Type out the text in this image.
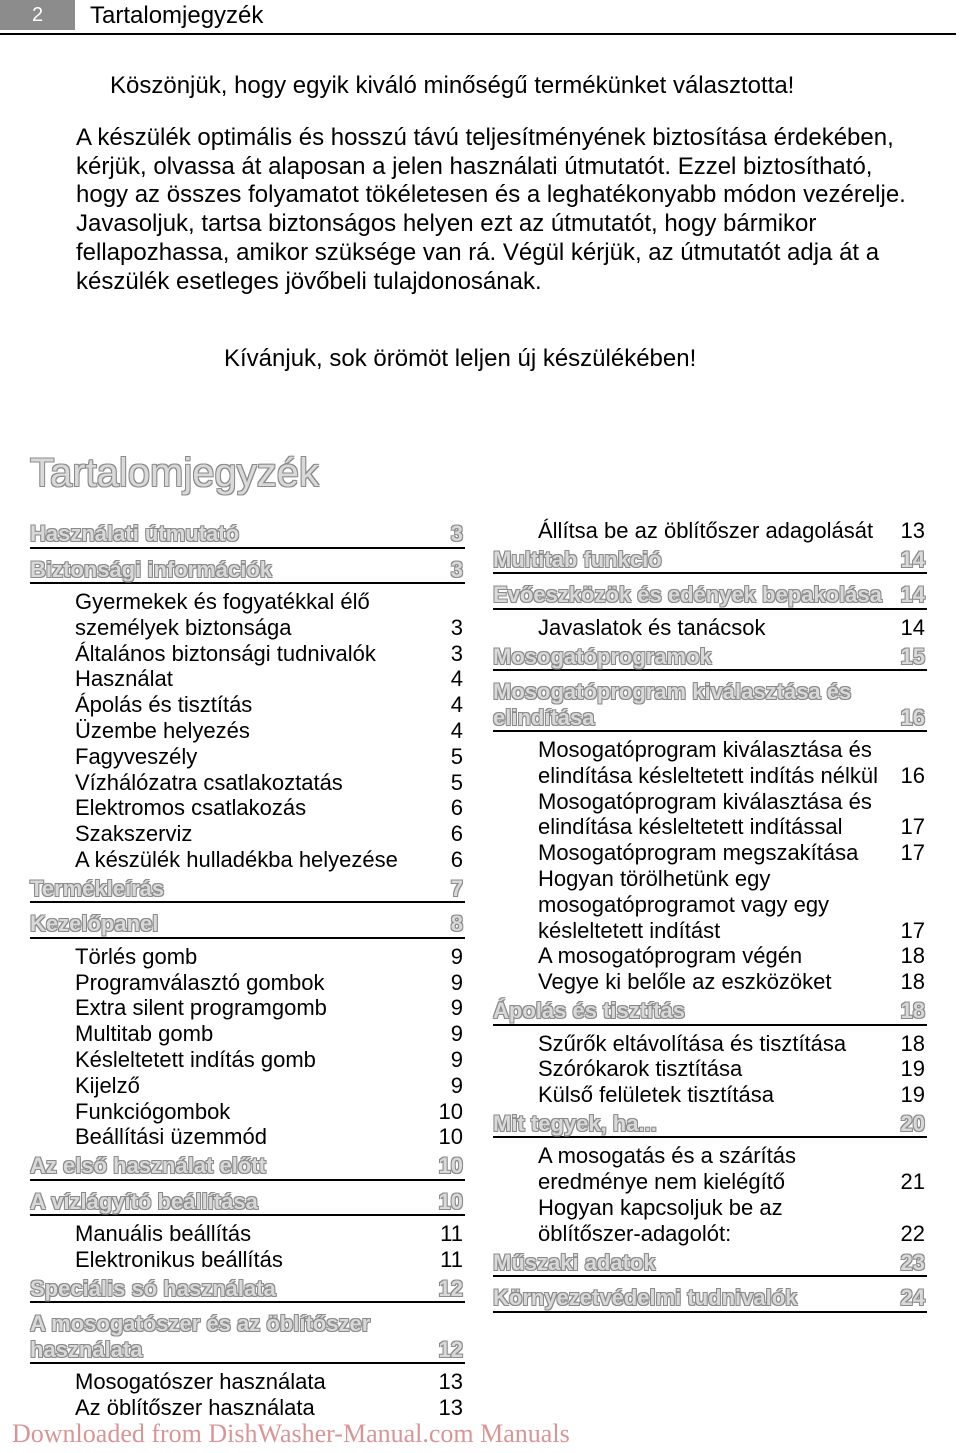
2	Tartalomjegyzék
Köszönjük, hogy egyik kiváló minőségű termékünket választotta!
A készülék optimális és hosszú távú teljesítményének biztosítása érdekében, kérjük, olvassa át alaposan a jelen használati útmutatót. Ezzel biztosítható, hogy az összes folyamatot tökéletesen és a leghatékonyabb módon vezérelje. Javasoljuk, tartsa biztonságos helyen ezt az útmutatót, hogy bármikor fellapozhassa, amikor szüksége van rá. Végül kérjük, az útmutatót adja át a készülék esetleges jövőbeli tulajdonosának.
Kívánjuk, sok örömöt leljen új készülékében!
Tartalomjegyzék
Használati útmutató	3
Biztonsági információk	3
Gyermekek és fogyatékkal élő személyek biztonsága	3
Általános biztonsági tudnivalók	3
Használat	4
Ápolás és tisztítás	4
Üzembe helyezés	4
Fagyveszély	5
Vízhálózatra csatlakoztatás	5
Elektromos csatlakozás	6
Szakszerviz	6
A készülék hulladékba helyezése	6
Termékleírás	7
Kezelőpanel	8
Törlés gomb	9
Programválasztó gombok	9
Extra silent programgomb	9
Multitab gomb	9
Késleltetett indítás gomb	9
Kijelző	9
Funkciógombok	10
Beállítási üzemmód	10
Az első használat előtt	10
A vízlágyító beállítása	10
Manuális beállítás	11
Elektronikus beállítás	11
Speciális só használata	12
A mosogatószer és az öblítőszer használata	12
Mosogatószer használata	13
Az öblítőszer használata	13
Állítsa be az öblítőszer adagolását	13
Multitab funkció	14
Evőeszközök és edények bepakolása 14
Javaslatok és tanácsok	14
Mosogatóprogramok	15
Mosogatóprogram kiválasztása és elindítása	16
Mosogatóprogram kiválasztása és elindítása késleltetett indítás nélkül	16
Mosogatóprogram kiválasztása és elindítása késleltetett indítással	17
Mosogatóprogram megszakítása	17
Hogyan törölhetünk egy mosogatóprogramot vagy egy késleltetett indítást	17
A mosogatóprogram végén	18
Vegye ki belőle az eszközöket	18
Ápolás és tisztítás	18
Szűrők eltávolítása és tisztítása	18
Szórókarok tisztítása	19
Külső felületek tisztítása	19
Mit tegyek, ha...	20
A mosogatás és a szárítás eredménye nem kielégítő	21
Hogyan kapcsoljuk be az öblítőszer-adagolót:	22
Műszaki adatok	23
Környezetvédelmi tudnivalók	24
Downloaded from DishWasher-Manual.com Manuals
